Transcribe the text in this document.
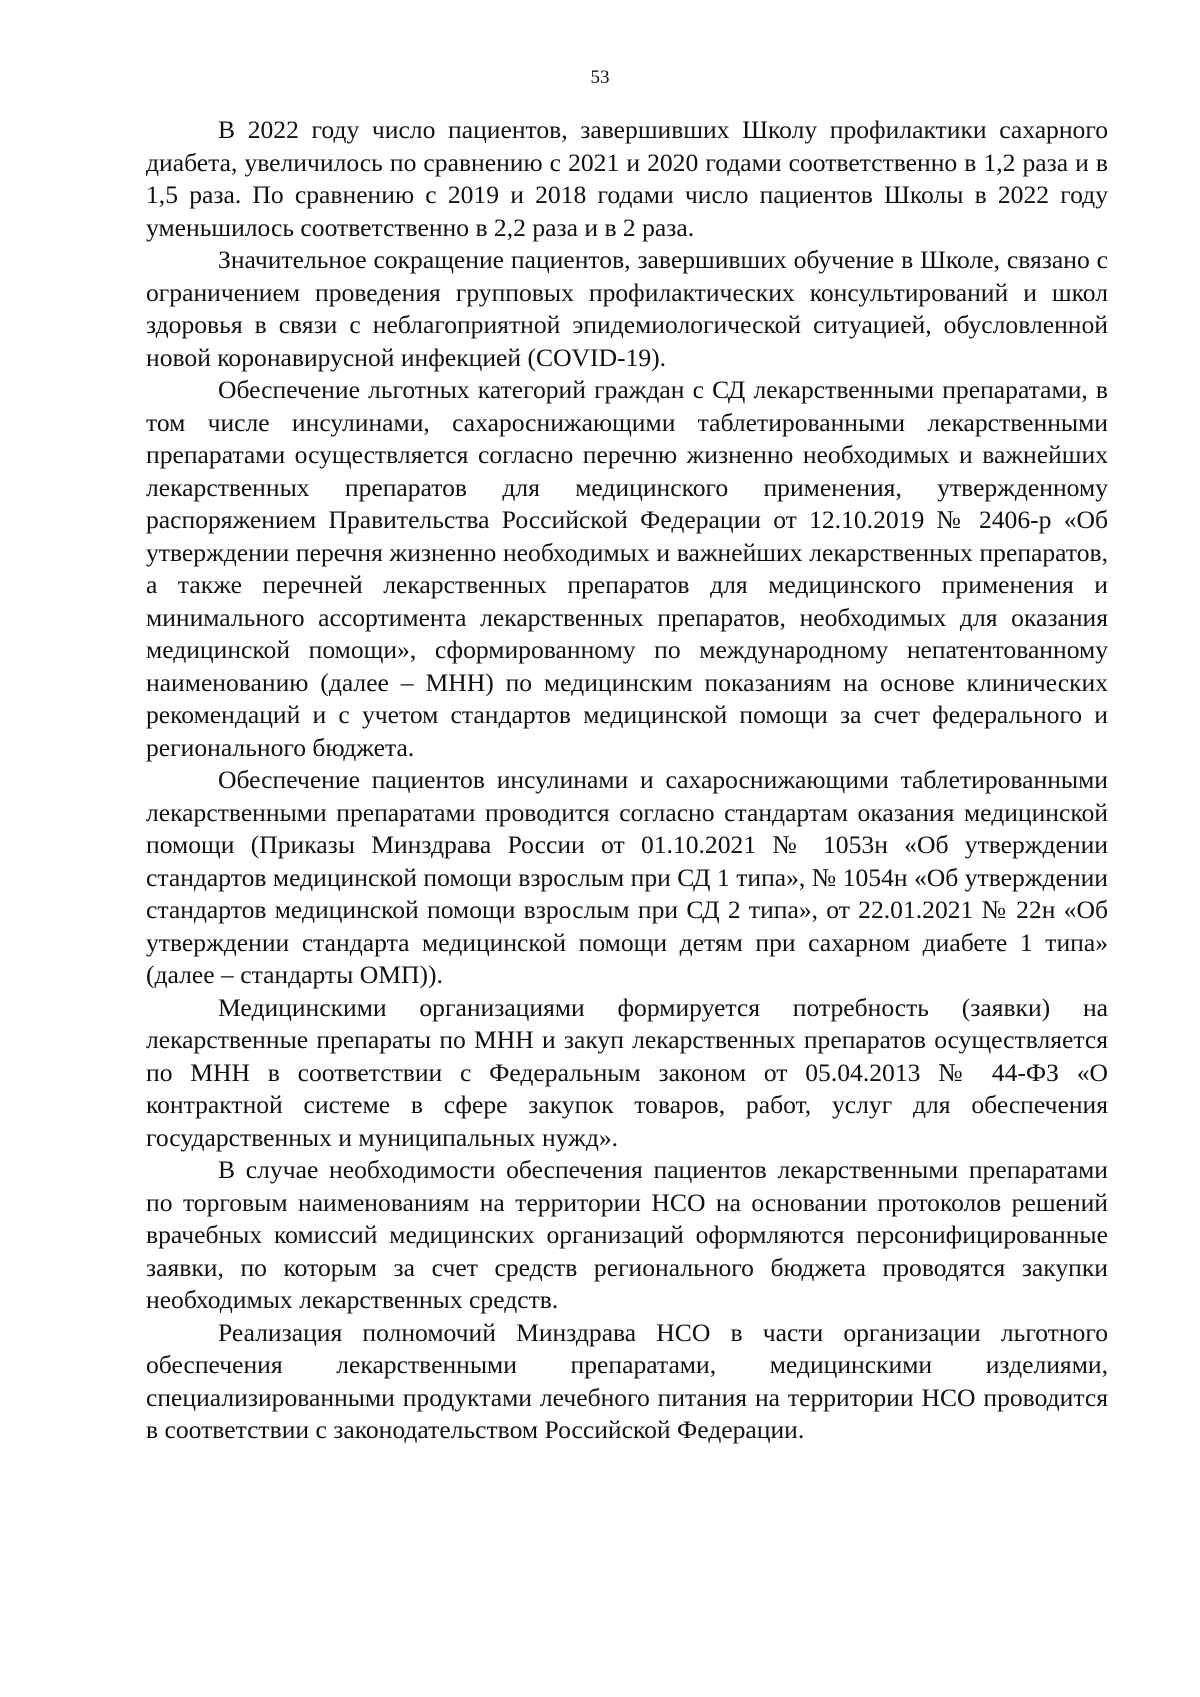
53

В 2022 году число пациентов, завершивших Школу профилактики сахарного диабета, увеличилось по сравнению с 2021 и 2020 годами соответственно в 1,2 раза и в 1,5 раза. По сравнению с 2019 и 2018 годами число пациентов Школы в 2022 году уменьшилось соответственно в 2,2 раза и в 2 раза.

Значительное сокращение пациентов, завершивших обучение в Школе, связано с ограничением проведения групповых профилактических консультирований и школ здоровья в связи с неблагоприятной эпидемиологической ситуацией, обусловленной новой коронавирусной инфекцией (COVID-19).

Обеспечение льготных категорий граждан с СД лекарственными препаратами, в том числе инсулинами, сахароснижающими таблетированными лекарственными препаратами осуществляется согласно перечню жизненно необходимых и важнейших лекарственных препаратов для медицинского применения, утвержденному распоряжением Правительства Российской Федерации от 12.10.2019 № 2406-р «Об утверждении перечня жизненно необходимых и важнейших лекарственных препаратов, а также перечней лекарственных препаратов для медицинского применения и минимального ассортимента лекарственных препаратов, необходимых для оказания медицинской помощи», сформированному по международному непатентованному наименованию (далее – МНН) по медицинским показаниям на основе клинических рекомендаций и с учетом стандартов медицинской помощи за счет федерального и регионального бюджета.

Обеспечение пациентов инсулинами и сахароснижающими таблетированными лекарственными препаратами проводится согласно стандартам оказания медицинской помощи (Приказы Минздрава России от 01.10.2021 № 1053н «Об утверждении стандартов медицинской помощи взрослым при СД 1 типа», № 1054н «Об утверждении стандартов медицинской помощи взрослым при СД 2 типа», от 22.01.2021 № 22н «Об утверждении стандарта медицинской помощи детям при сахарном диабете 1 типа» (далее – стандарты ОМП)).

Медицинскими организациями формируется потребность (заявки) на лекарственные препараты по МНН и закуп лекарственных препаратов осуществляется по МНН в соответствии с Федеральным законом от 05.04.2013 № 44-ФЗ «О контрактной системе в сфере закупок товаров, работ, услуг для обеспечения государственных и муниципальных нужд».

В случае необходимости обеспечения пациентов лекарственными препаратами по торговым наименованиям на территории НСО на основании протоколов решений врачебных комиссий медицинских организаций оформляются персонифицированные заявки, по которым за счет средств регионального бюджета проводятся закупки необходимых лекарственных средств.

Реализация полномочий Минздрава НСО в части организации льготного обеспечения лекарственными препаратами, медицинскими изделиями, специализированными продуктами лечебного питания на территории НСО проводится в соответствии с законодательством Российской Федерации.
